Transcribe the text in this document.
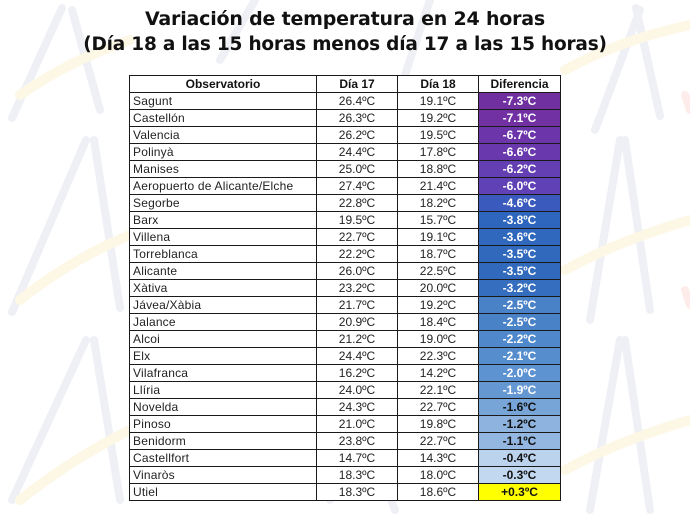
Variación de temperatura en 24 horas
(Día 18 a las 15 horas menos día 17 a las 15 horas)
Observatorio	Día 17	Día 18	Diferencia
Sagunt	26.4ºC	19.1ºC	-7.3ºC
Castellón	26.3ºC	19.2ºC	-7.1ºC
Valencia	26.2ºC	19.5ºC	-6.7ºC
Polinyà	24.4ºC	17.8ºC	-6.6ºC
Manises	25.0ºC	18.8ºC	-6.2ºC
Aeropuerto de Alicante/Elche	27.4ºC	21.4ºC	-6.0ºC
Segorbe	22.8ºC	18.2ºC	-4.6ºC
Barx	19.5ºC	15.7ºC	-3.8ºC
Villena	22.7ºC	19.1ºC	-3.6ºC
Torreblanca	22.2ºC	18.7ºC	-3.5ºC
Alicante	26.0ºC	22.5ºC	-3.5ºC
Xàtiva	23.2ºC	20.0ºC	-3.2ºC
Jávea/Xàbia	21.7ºC	19.2ºC	-2.5ºC
Jalance	20.9ºC	18.4ºC	-2.5ºC
Alcoi	21.2ºC	19.0ºC	-2.2ºC
Elx	24.4ºC	22.3ºC	-2.1ºC
Vilafranca	16.2ºC	14.2ºC	-2.0ºC
Llíria	24.0ºC	22.1ºC	-1.9ºC
Novelda	24.3ºC	22.7ºC	-1.6ºC
Pinoso	21.0ºC	19.8ºC	-1.2ºC
Benidorm	23.8ºC	22.7ºC	-1.1ºC
Castellfort	14.7ºC	14.3ºC	-0.4ºC
Vinaròs	18.3ºC	18.0ºC	-0.3ºC
Utiel	18.3ºC	18.6ºC	+0.3ºC
